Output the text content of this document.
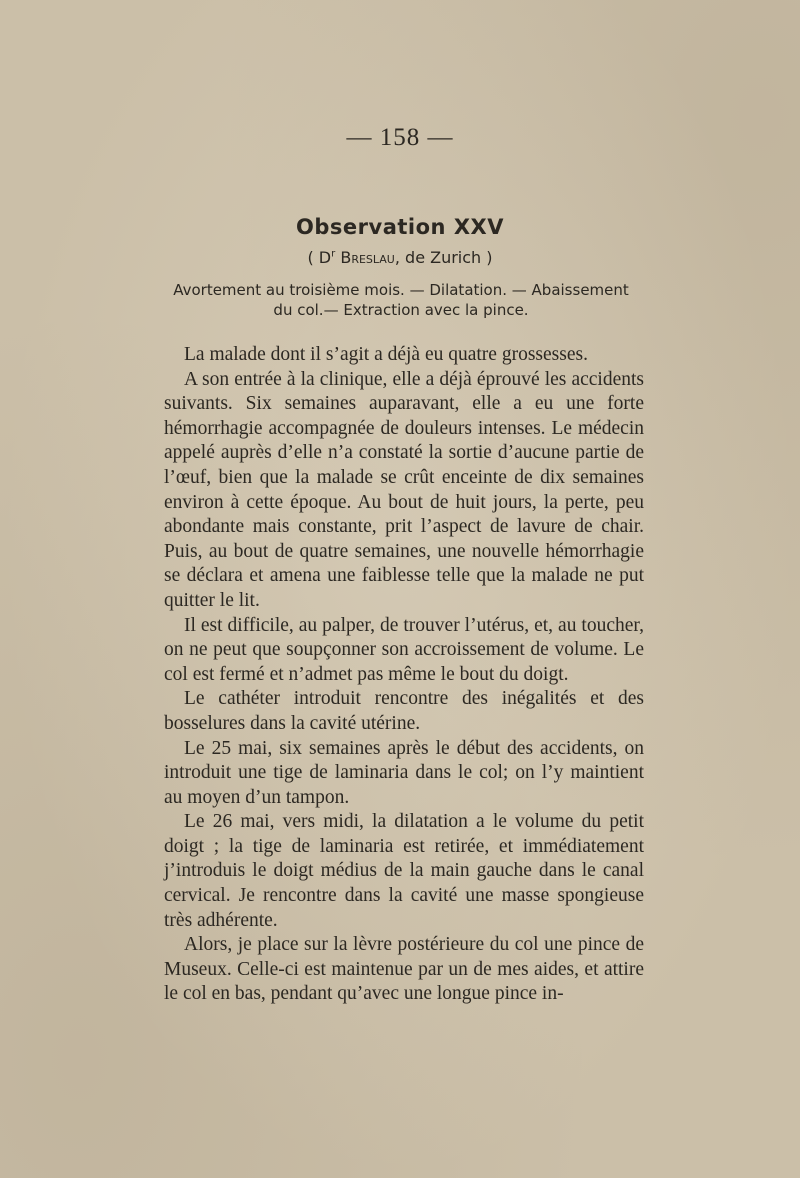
— 158 —
Observation XXV
( $D^r$ Breslau, de Zurich )
Avortement au troisième mois. — Dilatation. — Abaissement du col.— Extraction avec la pince.

La malade dont il s’agit a déjà eu quatre grossesses.

A son entrée à la clinique, elle a déjà éprouvé les accidents suivants. Six semaines auparavant, elle a eu une forte hémorrhagie accompagnée de douleurs intenses. Le médecin appelé auprès d’elle n’a constaté la sortie d’aucune partie de l’œuf, bien que la malade se crût enceinte de dix semaines environ à cette époque. Au bout de huit jours, la perte, peu abondante mais constante, prit l’aspect de lavure de chair. Puis, au bout de quatre semaines, une nouvelle hémorrhagie se déclara et amena une faiblesse telle que la malade ne put quitter le lit.

Il est difficile, au palper, de trouver l’utérus, et, au toucher, on ne peut que soupçonner son accroissement de volume. Le col est fermé et n’admet pas même le bout du doigt.

Le cathéter introduit rencontre des inégalités et des bosselures dans la cavité utérine.

Le 25 mai, six semaines après le début des accidents, on introduit une tige de laminaria dans le col; on l’y maintient au moyen d’un tampon.

Le 26 mai, vers midi, la dilatation a le volume du petit doigt ; la tige de laminaria est retirée, et immédiatement j’introduis le doigt médius de la main gauche dans le canal cervical. Je rencontre dans la cavité une masse spongieuse très adhérente.

Alors, je place sur la lèvre postérieure du col une pince de Museux. Celle-ci est maintenue par un de mes aides, et attire le col en bas, pendant qu’avec une longue pince in-
